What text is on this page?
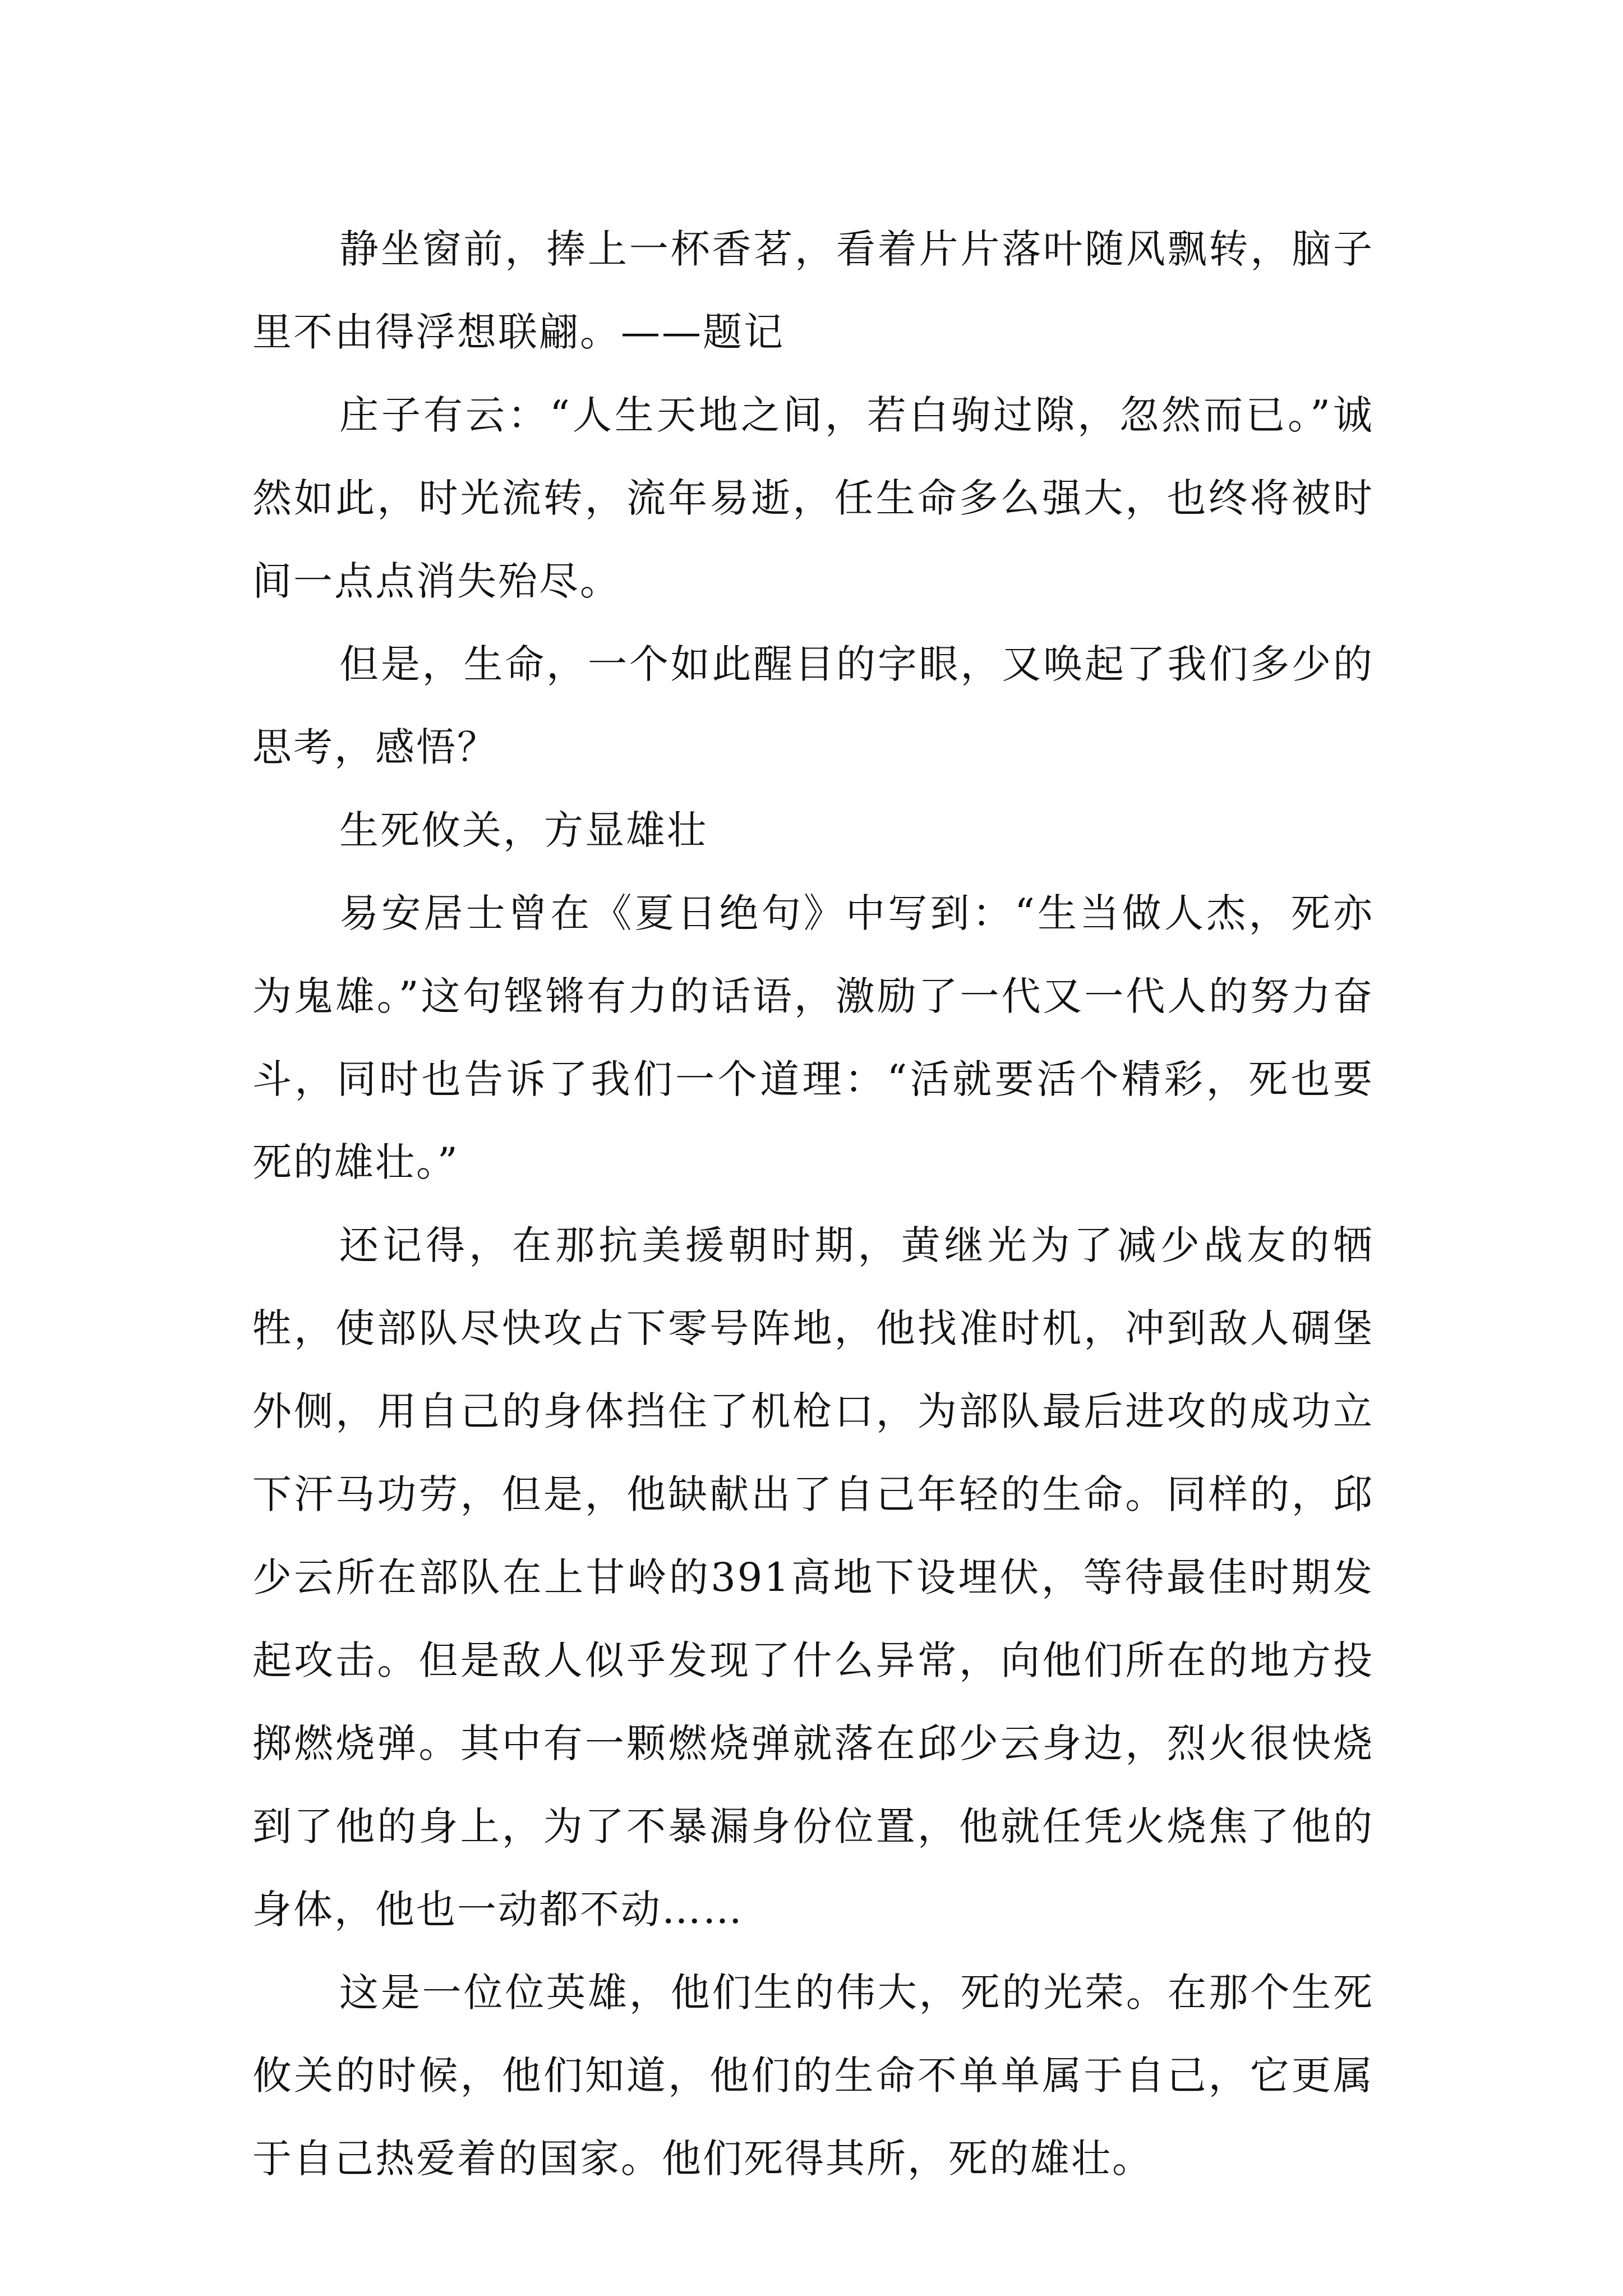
静坐窗前，捧上一杯香茗，看着片片落叶随风飘转，脑子里不由得浮想联翩。——题记

庄子有云：“人生天地之间，若白驹过隙，忽然而已。”诚然如此，时光流转，流年易逝，任生命多么强大，也终将被时间一点点消失殆尽。

但是，生命，一个如此醒目的字眼，又唤起了我们多少的思考，感悟？

生死攸关，方显雄壮

易安居士曾在《夏日绝句》中写到：“生当做人杰，死亦为鬼雄。”这句铿锵有力的话语，激励了一代又一代人的努力奋斗，同时也告诉了我们一个道理：“活就要活个精彩，死也要死的雄壮。”

还记得，在那抗美援朝时期，黄继光为了减少战友的牺牲，使部队尽快攻占下零号阵地，他找准时机，冲到敌人碉堡外侧，用自己的身体挡住了机枪口，为部队最后进攻的成功立下汗马功劳，但是，他缺献出了自己年轻的生命。同样的，邱少云所在部队在上甘岭的391高地下设埋伏，等待最佳时期发起攻击。但是敌人似乎发现了什么异常，向他们所在的地方投掷燃烧弹。其中有一颗燃烧弹就落在邱少云身边，烈火很快烧到了他的身上，为了不暴漏身份位置，他就任凭火烧焦了他的身体，他也一动都不动……

这是一位位英雄，他们生的伟大，死的光荣。在那个生死攸关的时候，他们知道，他们的生命不单单属于自己，它更属于自己热爱着的国家。他们死得其所，死的雄壮。
